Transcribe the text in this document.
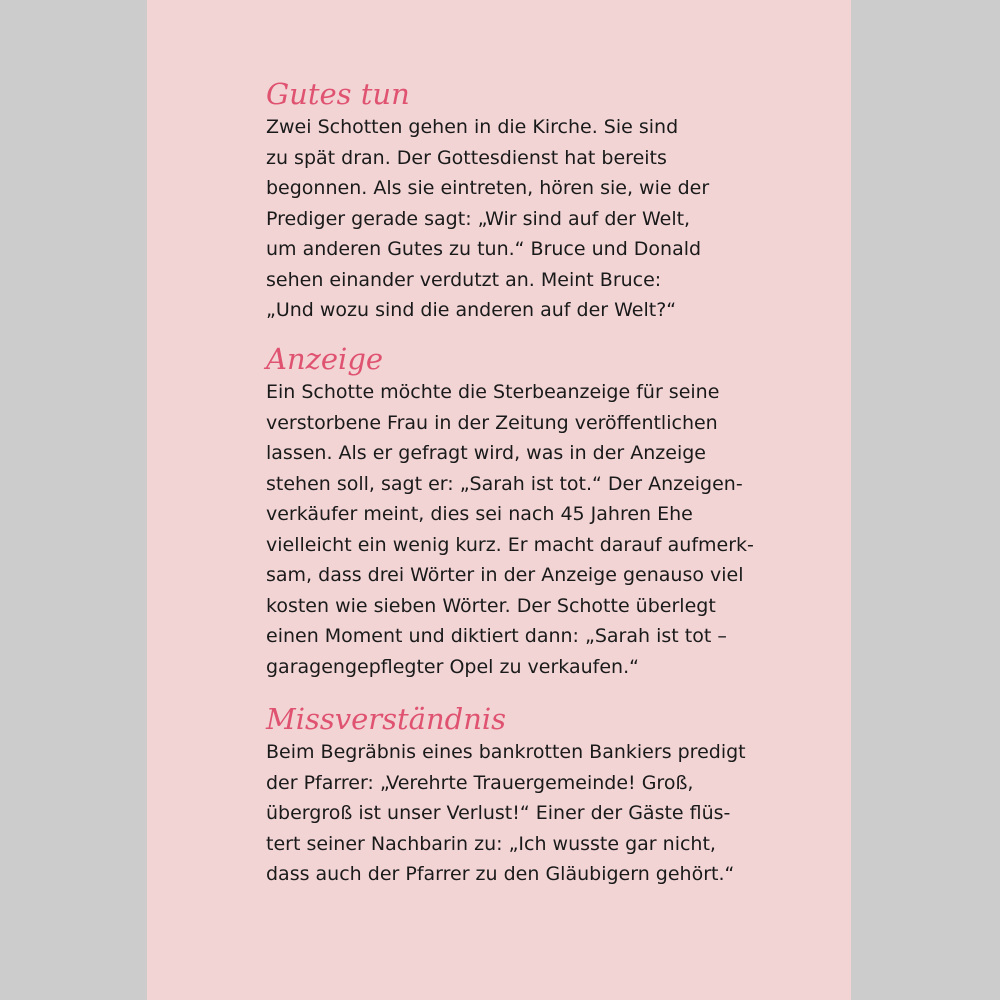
Gutes tun
Zwei Schotten gehen in die Kirche. Sie sind
zu spät dran. Der Gottesdienst hat bereits
begonnen. Als sie eintreten, hören sie, wie der
Prediger gerade sagt: „Wir sind auf der Welt,
um anderen Gutes zu tun.“ Bruce und Donald
sehen einander verdutzt an. Meint Bruce:
„Und wozu sind die anderen auf der Welt?“
Anzeige
Ein Schotte möchte die Sterbeanzeige für seine
verstorbene Frau in der Zeitung veröffentlichen
lassen. Als er gefragt wird, was in der Anzeige
stehen soll, sagt er: „Sarah ist tot.“ Der Anzeigen-
verkäufer meint, dies sei nach 45 Jahren Ehe
vielleicht ein wenig kurz. Er macht darauf aufmerk-
sam, dass drei Wörter in der Anzeige genauso viel
kosten wie sieben Wörter. Der Schotte überlegt
einen Moment und diktiert dann: „Sarah ist tot –
garagengepflegter Opel zu verkaufen.“
Missverständnis
Beim Begräbnis eines bankrotten Bankiers predigt
der Pfarrer: „Verehrte Trauergemeinde! Groß,
übergroß ist unser Verlust!“ Einer der Gäste flüs-
tert seiner Nachbarin zu: „Ich wusste gar nicht,
dass auch der Pfarrer zu den Gläubigern gehört.“
